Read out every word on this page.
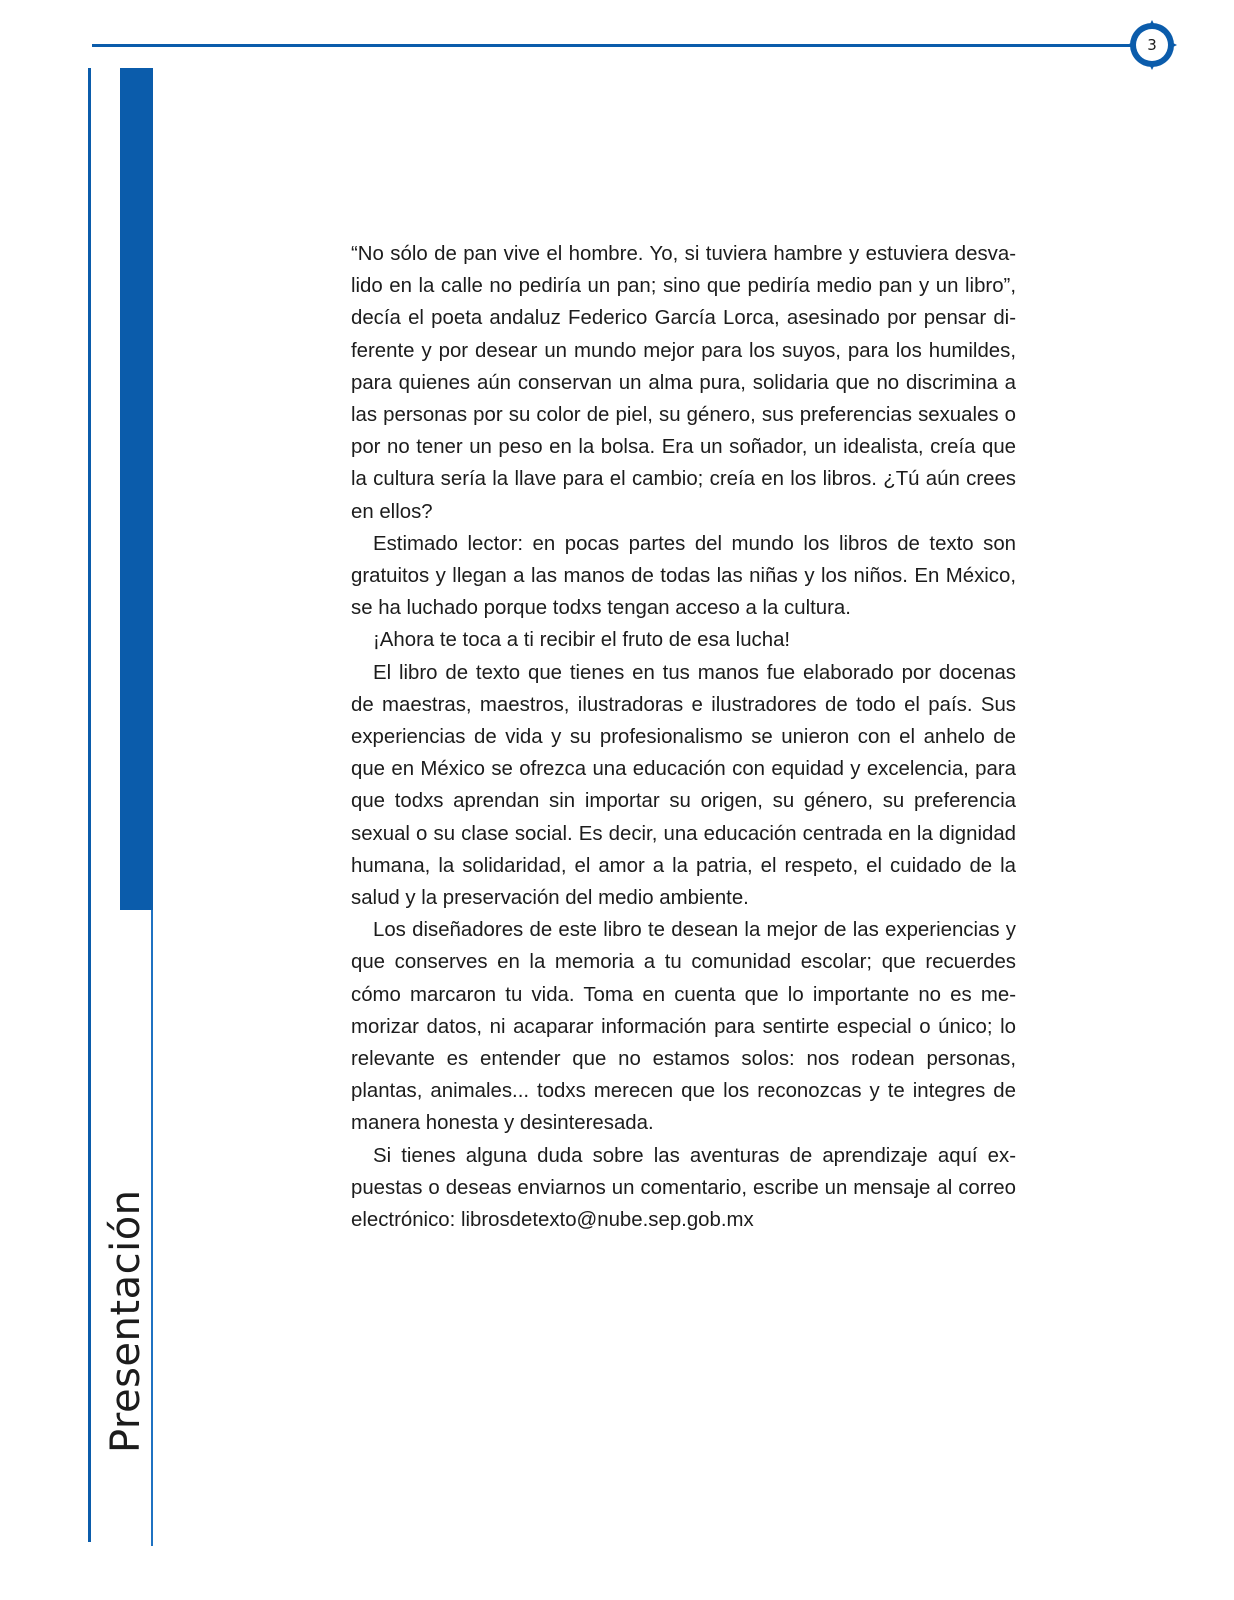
3
Presentación

“No sólo de pan vive el hombre. Yo, si tuviera hambre y estuviera desvalido en la calle no pediría un pan; sino que pediría medio pan y un libro”, decía el poeta andaluz Federico García Lorca, asesinado por pensar diferente y por desear un mundo mejor para los suyos, para los humildes, para quienes aún conservan un alma pura, solidaria que no discrimina a las personas por su color de piel, su género, sus preferencias sexuales o por no tener un peso en la bolsa. Era un soñador, un idealista, creía que la cultura sería la llave para el cambio; creía en los libros. ¿Tú aún crees en ellos?

Estimado lector: en pocas partes del mundo los libros de texto son gratuitos y llegan a las manos de todas las niñas y los niños. En México, se ha luchado porque todxs tengan acceso a la cultura.

¡Ahora te toca a ti recibir el fruto de esa lucha!

El libro de texto que tienes en tus manos fue elaborado por docenas de maestras, maestros, ilustradoras e ilustradores de todo el país. Sus experiencias de vida y su profesionalismo se unieron con el anhelo de que en México se ofrezca una educación con equidad y excelencia, para que todxs aprendan sin importar su origen, su género, su preferencia sexual o su clase social. Es decir, una educación centrada en la dignidad humana, la solidaridad, el amor a la patria, el respeto, el cuidado de la salud y la preservación del medio ambiente.

Los diseñadores de este libro te desean la mejor de las experiencias y que conserves en la memoria a tu comunidad escolar; que recuerdes cómo marcaron tu vida. Toma en cuenta que lo importante no es memorizar datos, ni acaparar información para sentirte especial o único; lo relevante es entender que no estamos solos: nos rodean personas, plantas, animales... todxs merecen que los reconozcas y te integres de manera honesta y desinteresada.

Si tienes alguna duda sobre las aventuras de aprendizaje aquí expuestas o deseas enviarnos un comentario, escribe un mensaje al correo electrónico: librosdetexto@nube.sep.gob.mx
